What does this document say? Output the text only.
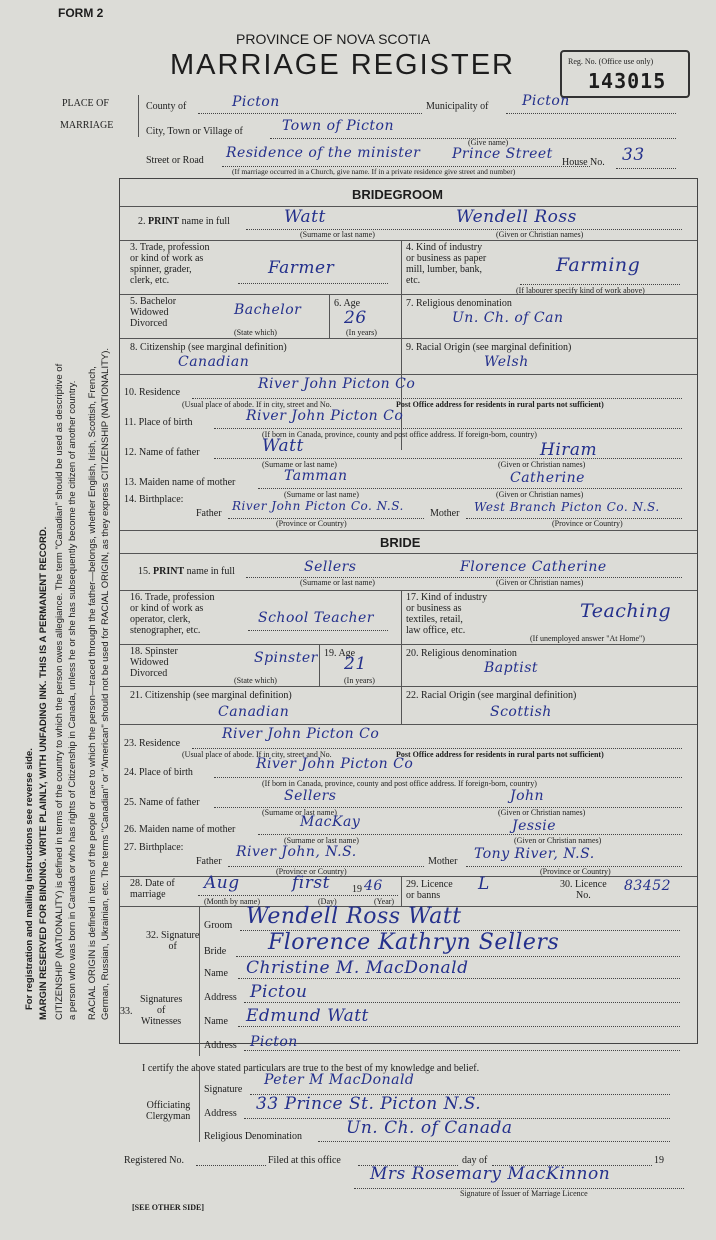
For registration and mailing instructions see reverse side. MARGIN RESERVED FOR BINDING. WRITE PLAINLY, WITH UNFADING INK. THIS IS A PERMANENT RECORD. CITIZENSHIP (NATIONALITY) is defined in terms of the country to which the person owes allegiance. The term "Canadian" should be used as descriptive of a person who was born in Canada or who has rights of Citizenship in Canada, unless he or she has subsequently become the citizen of another country. RACIAL ORIGIN is defined in terms of the people or race to which the person—traced through the father—belongs, whether English, Irish, Scottish, French, German, Russian, Ukrainian, etc. The terms "Canadian" or "American" should not be used for RACIAL ORIGIN, as they express CITIZENSHIP (NATIONALITY).
FORM 2
PROVINCE OF NOVA SCOTIA
MARRIAGE REGISTER	Reg. No. (Office use only)
143015
PLACE OF
MARRIAGE
County of	Picton	Municipality of Picton
City, Town or Village of	Town of Picton
(Give name)
Street or Road Residence of the minister Prince Street
House No. 33
(If marriage occurred in a Church, give name. If in a private residence give street and number)
BRIDEGROOM
2. PRINT name in full	Watt	Wendell Ross
(Surname or last name)	(Given or Christian names)
3. Trade, profession
or kind of work as
spinner, grader,
clerk, etc.
Farmer
4. Kind of industry
or business as paper
mill, lumber, bank,
etc.
Farming
(If labourer specify kind of work above)
5. Bachelor
Widowed
Divorced
Bachelor
(State which)
6. Age
26
(In years)
7. Religious denomination
Un. Ch. of Can
8. Citizenship (see marginal definition)
Canadian
9. Racial Origin (see marginal definition)
Welsh
10. Residence
River John Picton Co
(Usual place of abode. If in city, street and No.	Post Office address for residents in rural parts not sufficient)
11. Place of birth	River John Picton Co
(If born in Canada, province, county and post office address. If foreign-born, country)
12. Name of father	Watt	Hiram
(Surname or last name)	(Given or Christian names)
13. Maiden name of mother	Tamman	Catherine
(Surname or last name)	(Given or Christian names)
14. Birthplace:
Father
River John Picton Co. N.S.
Mother West Branch Picton Co. N.S.
(Province or Country)	(Province or Country)
BRIDE
15. PRINT name in full	Sellers	Florence Catherine
(Surname or last name)	(Given or Christian names)
16. Trade, profession
or kind of work as
operator, clerk,
stenographer, etc.
School Teacher
17. Kind of industry
or business as
textiles, retail,
law office, etc.
Teaching
(If unemployed answer "At Home")
18. Spinster
Widowed
Divorced
Spinster
(State which)
19. Age
21
(In years)
20. Religious denomination
Baptist
21. Citizenship (see marginal definition)
Canadian
22. Racial Origin (see marginal definition)
Scottish
23. Residence
River John Picton Co
(Usual place of abode. If in city, street and No.	Post Office address for residents in rural parts not sufficient)
24. Place of birth
River John Picton Co
(If born in Canada, province, county and post office address. If foreign-born, country)
25. Name of father	Sellers	John
(Surname or last name)	(Given or Christian names)
26. Maiden name of mother	MacKay	Jessie
(Surname or last name)	(Given or Christian names)
27. Birthplace:
Father
River John, N.S.
Mother Tony River, N.S.
(Province or Country)	(Province or Country)
28. Date of
marriage
Aug	first 19 46
(Month by name)	(Day)	(Year)
29. Licence
or banns
L	30. Licence
No.
83452
32. Signature
of
Groom Wendell Ross Watt
Bride Florence Kathryn Sellers
Signatures
of
Witnesses
33.
Name Christine M. MacDonald
Address Pictou
Name Edmund Watt
Address Picton
I certify the above stated particulars are true to the best of my knowledge and belief.
Officiating
Clergyman
Signature
Peter M MacDonald
Address 33 Prince St. Picton N.S.
Religious Denomination	Un. Ch. of Canada
Registered No.	Filed at this office	day of	19
Mrs Rosemary MacKinnon
Signature of Issuer of Marriage Licence
[SEE OTHER SIDE]
